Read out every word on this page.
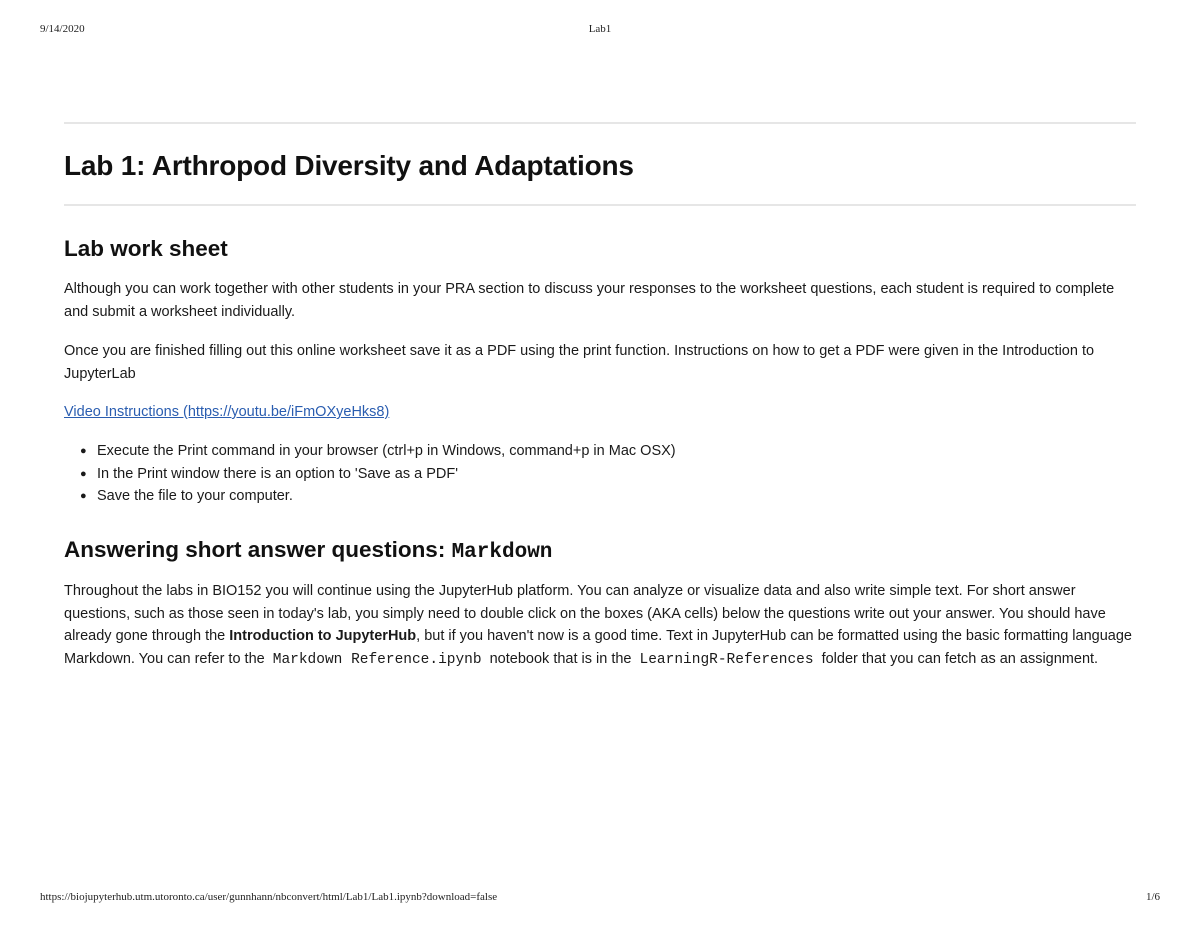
9/14/2020	Lab1
Lab 1: Arthropod Diversity and Adaptations
Lab work sheet

Although you can work together with other students in your PRA section to discuss your responses to the worksheet questions, each student is required to complete and submit a worksheet individually.

Once you are finished filling out this online worksheet save it as a PDF using the print function. Instructions on how to get a PDF were given in the Introduction to JupyterLab

Video Instructions (https://youtu.be/iFmOXyeHks8)

● Execute the Print command in your browser (ctrl+p in Windows, command+p in Mac OSX)
● In the Print window there is an option to 'Save as a PDF'
● Save the file to your computer.
Answering short answer questions: Markdown

Throughout the labs in BIO152 you will continue using the JupyterHub platform. You can analyze or visualize data and also write simple text. For short answer questions, such as those seen in today's lab, you simply need to double click on the boxes (AKA cells) below the questions write out your answer. You should have already gone through the Introduction to JupyterHub, but if you haven't now is a good time. Text in JupyterHub can be formatted using the basic formatting language Markdown. You can refer to the Markdown Reference.ipynb notebook that is in the LearningR-References folder that you can fetch as an assignment.

https://biojupyterhub.utm.utoronto.ca/user/gunnhann/nbconvert/html/Lab1/Lab1.ipynb?download=false	1/6
